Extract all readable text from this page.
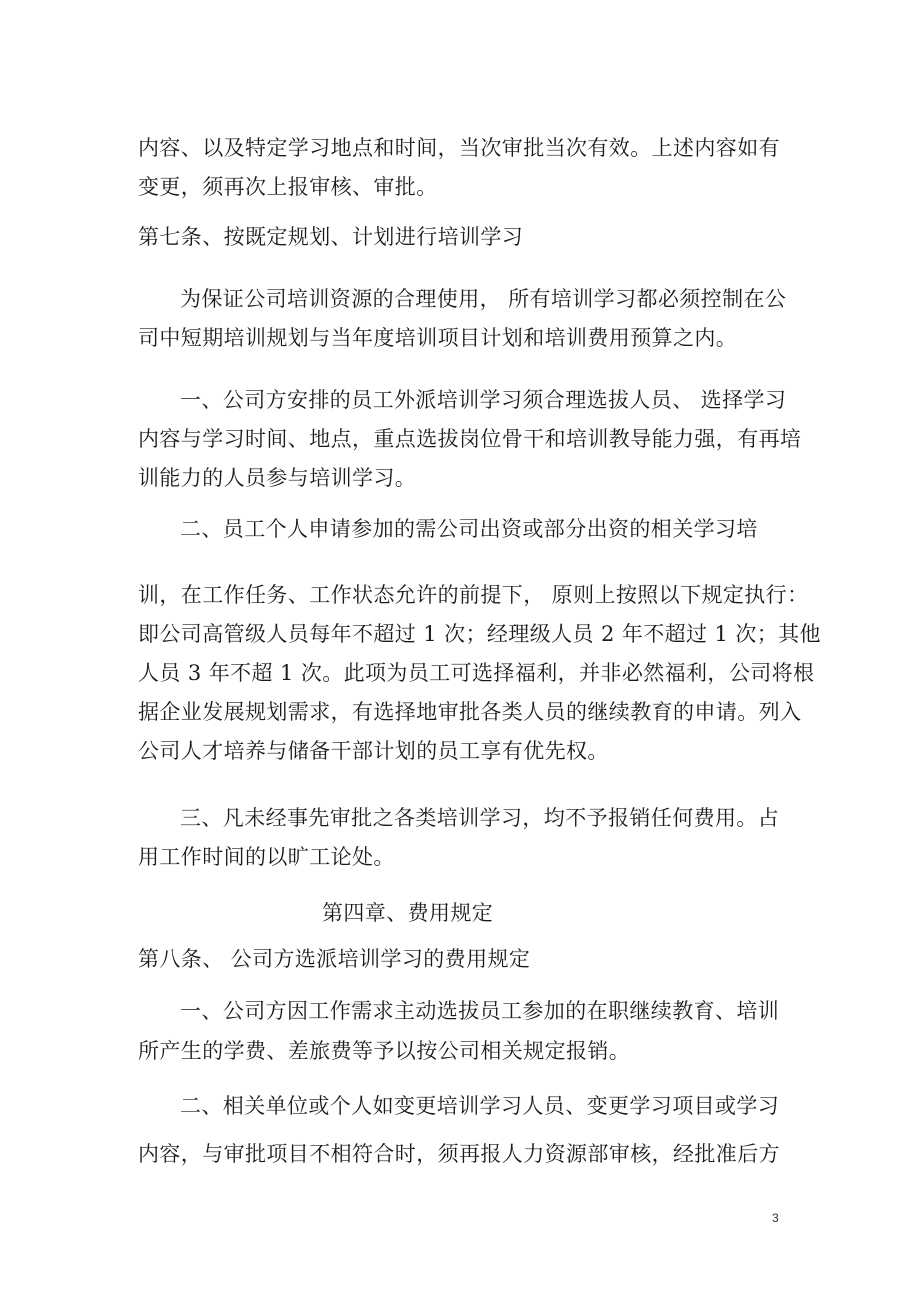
内容、以及特定学习地点和时间，当次审批当次有效。上述内容如有
变更，须再次上报审核、审批。
第七条、按既定规划、计划进行培训学习
为保证公司培训资源的合理使用， 所有培训学习都必须控制在公
司中短期培训规划与当年度培训项目计划和培训费用预算之内。
一、公司方安排的员工外派培训学习须合理选拔人员、 选择学习
内容与学习时间、地点，重点选拔岗位骨干和培训教导能力强，有再培
训能力的人员参与培训学习。
二、员工个人申请参加的需公司出资或部分出资的相关学习培
训，在工作任务、工作状态允许的前提下， 原则上按照以下规定执行：
即公司高管级人员每年不超过 1 次；经理级人员 2 年不超过 1 次；其他
人员 3 年不超 1 次。此项为员工可选择福利，并非必然福利，公司将根
据企业发展规划需求，有选择地审批各类人员的继续教育的申请。列入
公司人才培养与储备干部计划的员工享有优先权。
三、凡未经事先审批之各类培训学习，均不予报销任何费用。占
用工作时间的以旷工论处。
第四章、费用规定
第八条、 公司方选派培训学习的费用规定
一、公司方因工作需求主动选拔员工参加的在职继续教育、培训
所产生的学费、差旅费等予以按公司相关规定报销。
二、相关单位或个人如变更培训学习人员、变更学习项目或学习
内容，与审批项目不相符合时，须再报人力资源部审核，经批准后方
3
